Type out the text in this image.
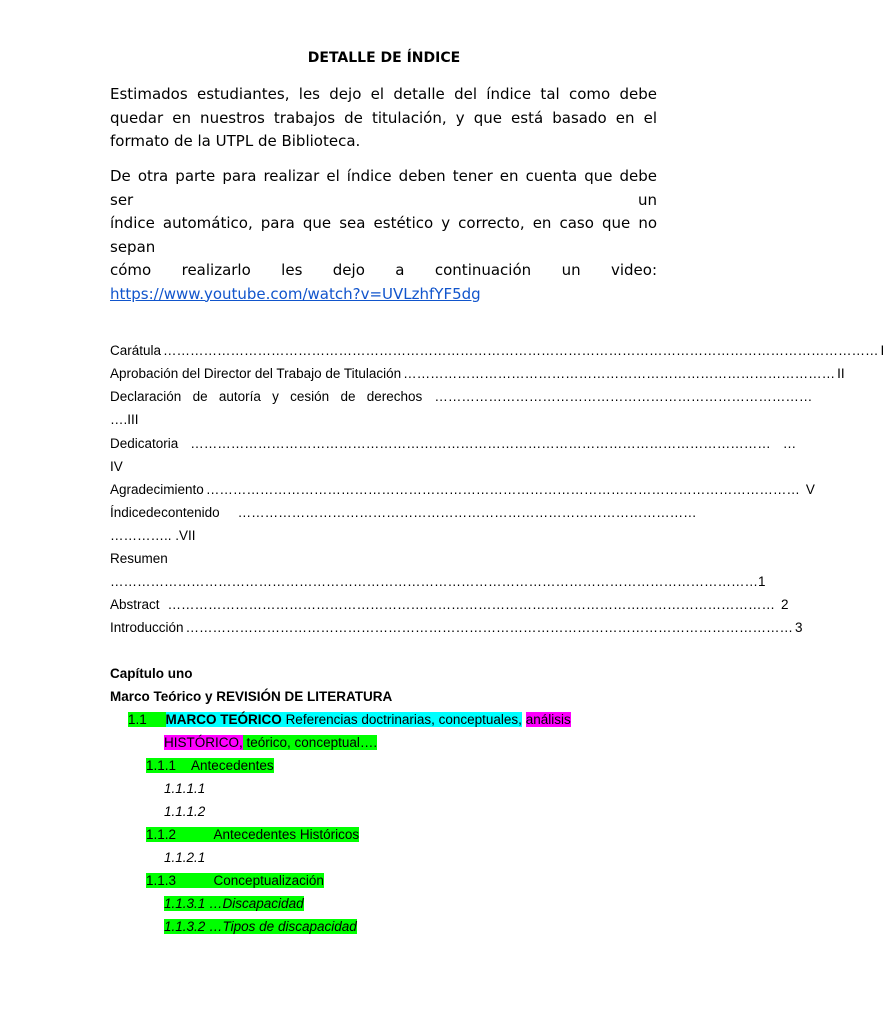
DETALLE DE ÍNDICE
Estimados estudiantes, les dejo el detalle del índice tal como debe quedar en nuestros trabajos de titulación, y que está basado en el formato de la UTPL de Biblioteca.
De otra parte para realizar el índice deben tener en cuenta que debe ser un
índice automático, para que sea estético y correcto, en caso que no sepan
cómo realizarlo les dejo a continuación un video:
https://www.youtube.com/watch?v=UVLzhfYF5dg
Carátula …………………………………………………………………………………………………………………………………………… I
Aprobación del Director del Trabajo de Titulación …………………………………………………………………………………… II
Declaración de autoría y cesión de derechos …………………………………………………………………………
….III
Dedicatoria ………………………………………………………………………………………………………………… …
IV
Agradecimiento …………………………………………………………………………………………………………………… V
Índice de contenido …………………………………………………………………………………………
………….. .VII
Resumen
……………………………………………………………………………………………………………………………… 1
Abstract ……………………………………………………………………………………………………………………… 2
Introducción ……………………………………………………………………………………………………………………… 3
Capítulo uno
Marco Teórico y REVISIÓN DE LITERATURA
1.1 MARCO TEÓRICO Referencias doctrinarias, conceptuales, análisis
HISTÓRICO, teórico, conceptual….
1.1.1 Antecedentes
1.1.1.1
1.1.1.2
1.1.2	Antecedentes Históricos
1.1.2.1
1.1.3	Conceptualización
1.1.3.1 …Discapacidad
1.1.3.2 …Tipos de discapacidad
